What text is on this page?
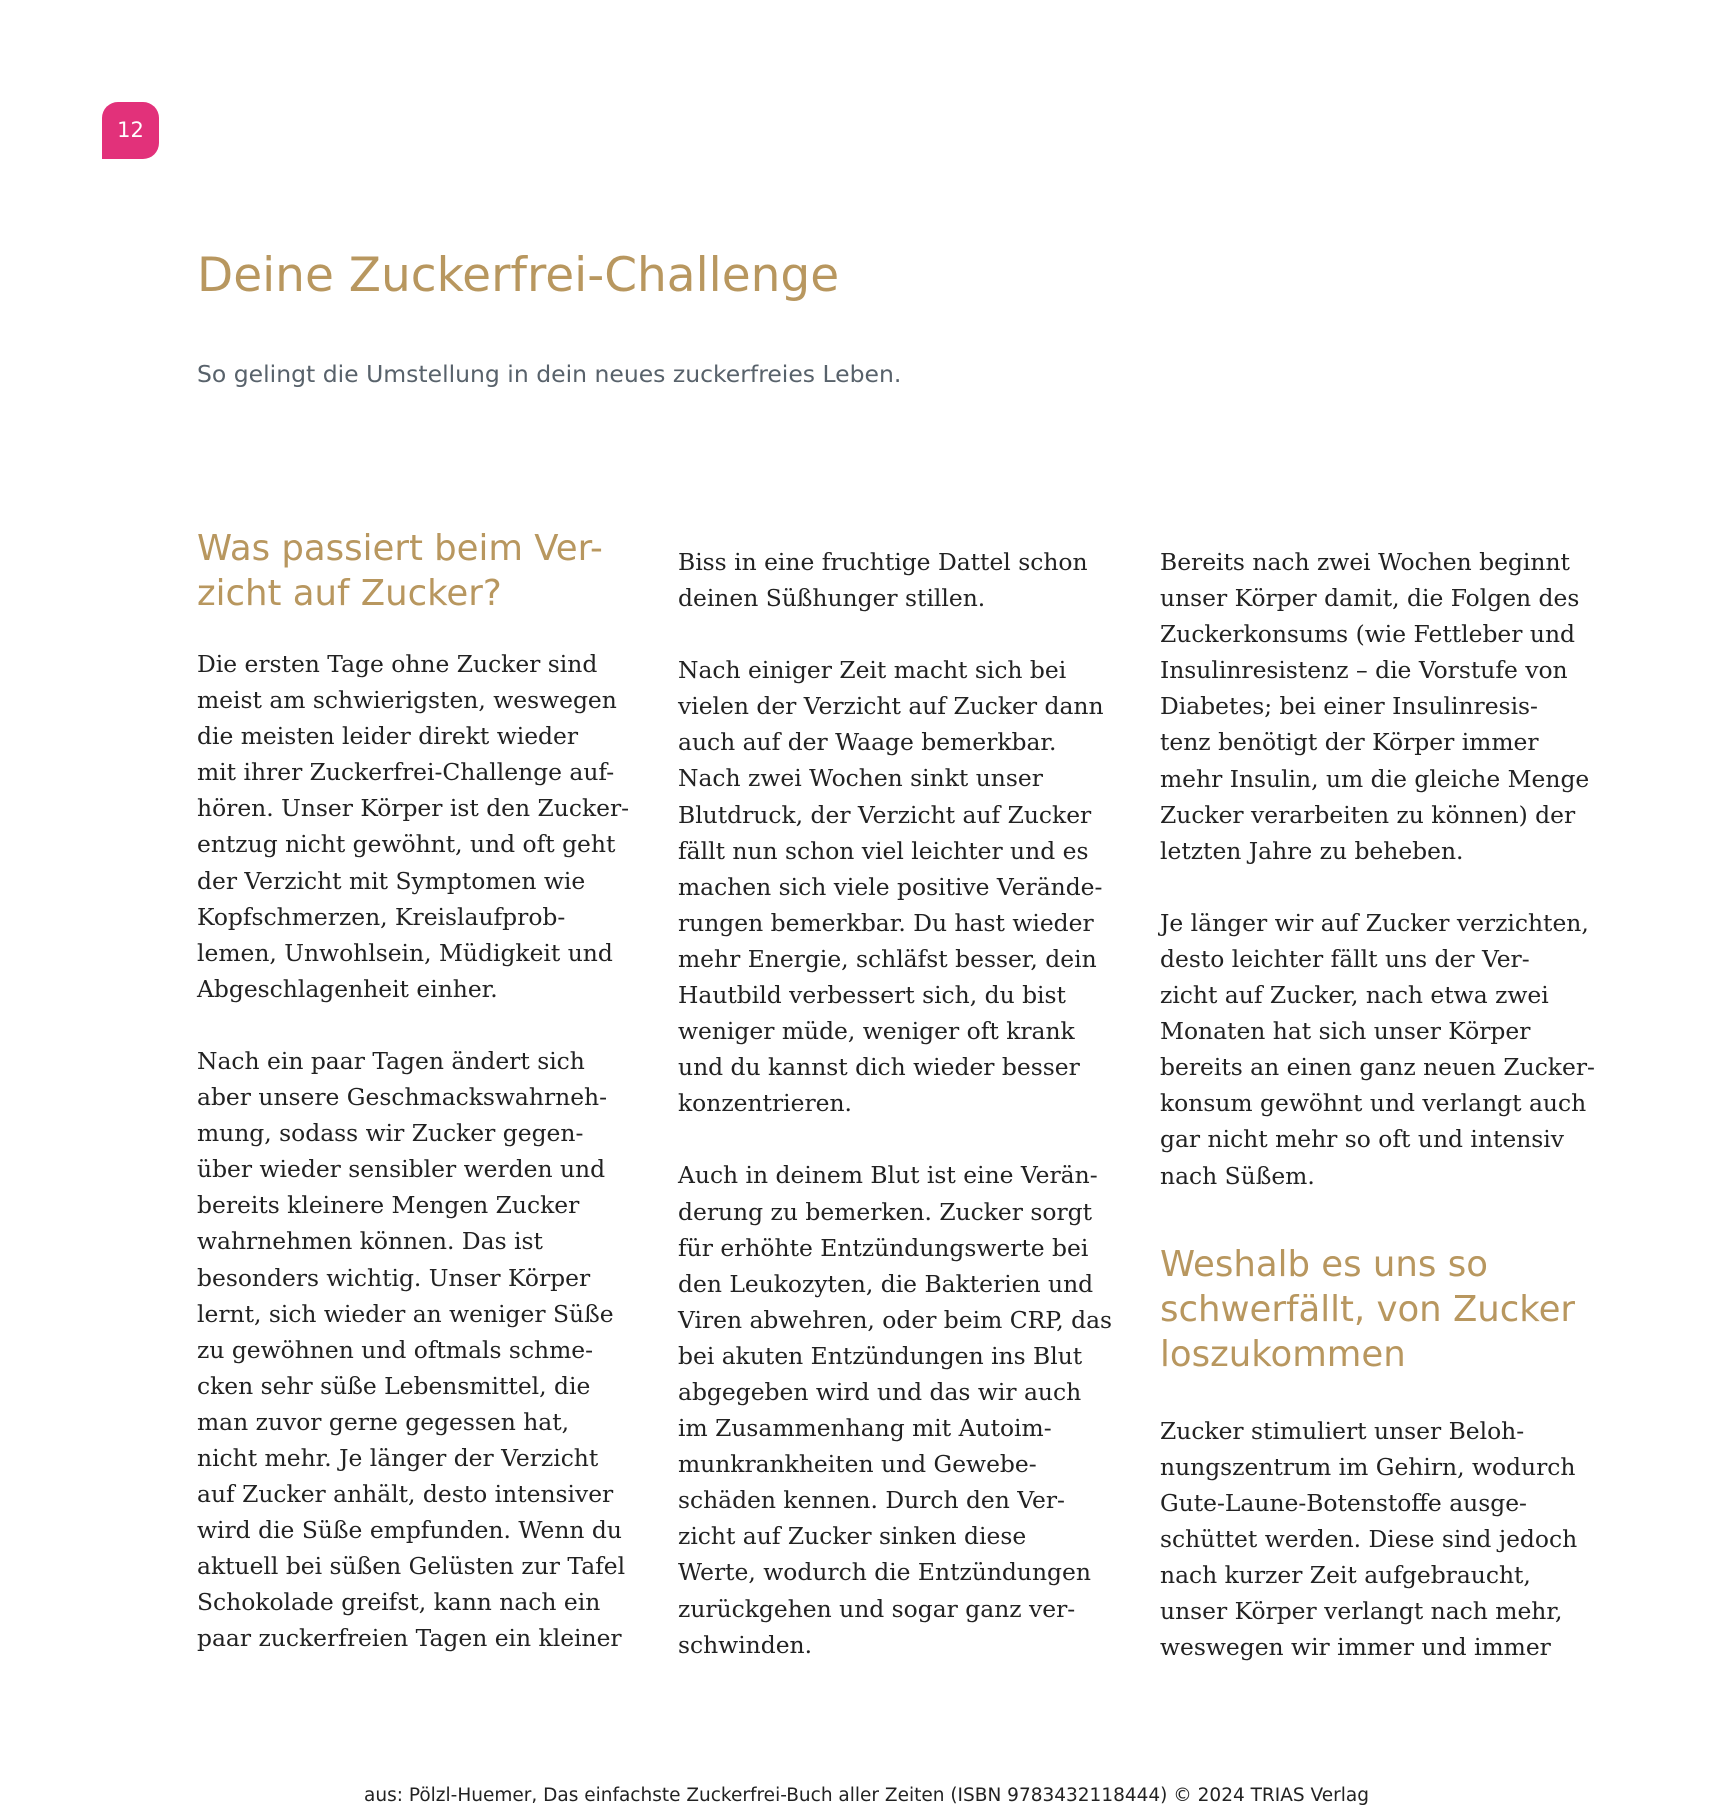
12
Deine Zuckerfrei-Challenge

So gelingt die Umstellung in dein neues zuckerfreies Leben.

Was passiert beim Ver-
zicht auf Zucker?
Die ersten Tage ohne Zucker sind
meist am schwierigsten, weswegen
die meisten leider direkt wieder
mit ihrer Zuckerfrei-Challenge auf-
hören. Unser Körper ist den Zucker-
entzug nicht gewöhnt, und oft geht
der Verzicht mit Symptomen wie
Kopfschmerzen, Kreislaufprob-
lemen, Unwohlsein, Müdigkeit und
Abgeschlagenheit einher.
Nach ein paar Tagen ändert sich
aber unsere Geschmackswahrneh-
mung, sodass wir Zucker gegen-
über wieder sensibler werden und
bereits kleinere Mengen Zucker
wahrnehmen können. Das ist
besonders wichtig. Unser Körper
lernt, sich wieder an weniger Süße
zu gewöhnen und oftmals schme-
cken sehr süße Lebensmittel, die
man zuvor gerne gegessen hat,
nicht mehr. Je länger der Verzicht
auf Zucker anhält, desto intensiver
wird die Süße empfunden. Wenn du
aktuell bei süßen Gelüsten zur Tafel
Schokolade greifst, kann nach ein
paar zuckerfreien Tagen ein kleiner
Biss in eine fruchtige Dattel schon
deinen Süßhunger stillen.
Nach einiger Zeit macht sich bei
vielen der Verzicht auf Zucker dann
auch auf der Waage bemerkbar.
Nach zwei Wochen sinkt unser
Blutdruck, der Verzicht auf Zucker
fällt nun schon viel leichter und es
machen sich viele positive Verände-
rungen bemerkbar. Du hast wieder
mehr Energie, schläfst besser, dein
Hautbild verbessert sich, du bist
weniger müde, weniger oft krank
und du kannst dich wieder besser
konzentrieren.
Auch in deinem Blut ist eine Verän-
derung zu bemerken. Zucker sorgt
für erhöhte Entzündungswerte bei
den Leukozyten, die Bakterien und
Viren abwehren, oder beim CRP, das
bei akuten Entzündungen ins Blut
abgegeben wird und das wir auch
im Zusammenhang mit Autoim-
munkrankheiten und Gewebe-
schäden kennen. Durch den Ver-
zicht auf Zucker sinken diese
Werte, wodurch die Entzündungen
zurückgehen und sogar ganz ver-
schwinden.
Bereits nach zwei Wochen beginnt
unser Körper damit, die Folgen des
Zuckerkonsums (wie Fettleber und
Insulinresistenz – die Vorstufe von
Diabetes; bei einer Insulinresis-
tenz benötigt der Körper immer
mehr Insulin, um die gleiche Menge
Zucker verarbeiten zu können) der
letzten Jahre zu beheben.
Je länger wir auf Zucker verzichten,
desto leichter fällt uns der Ver-
zicht auf Zucker, nach etwa zwei
Monaten hat sich unser Körper
bereits an einen ganz neuen Zucker-
konsum gewöhnt und verlangt auch
gar nicht mehr so oft und intensiv
nach Süßem.
Weshalb es uns so
schwerfällt, von Zucker
loszukommen
Zucker stimuliert unser Beloh-
nungszentrum im Gehirn, wodurch
Gute-Laune-Botenstoffe ausge-
schüttet werden. Diese sind jedoch
nach kurzer Zeit aufgebraucht,
unser Körper verlangt nach mehr,
weswegen wir immer und immer

aus: Pölzl-Huemer, Das einfachste Zuckerfrei-Buch aller Zeiten (ISBN 9783432118444) © 2024 TRIAS Verlag
